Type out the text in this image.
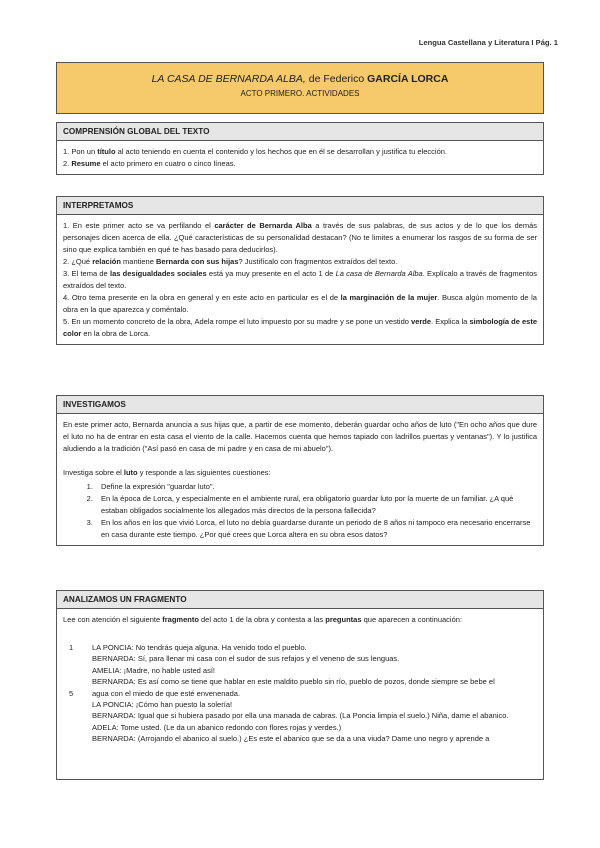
Lengua Castellana y Literatura I Pág. 1
LA CASA DE BERNARDA ALBA, de Federico GARCÍA LORCA
ACTO PRIMERO. ACTIVIDADES
COMPRENSIÓN GLOBAL DEL TEXTO

1. Pon un título al acto teniendo en cuenta el contenido y los hechos que en él se desarrollan y justifica tu elección.

2. Resume el acto primero en cuatro o cinco líneas.

INTERPRETAMOS

1. En este primer acto se va perfilando el carácter de Bernarda Alba a través de sus palabras, de sus actos y de lo que los demás personajes dicen acerca de ella. ¿Qué características de su personalidad destacan? (No te limites a enumerar los rasgos de su forma de ser sino que explica también en qué te has basado para deducirlos).

2. ¿Qué relación mantiene Bernarda con sus hijas? Justifícalo con fragmentos extraídos del texto.

3. El tema de las desigualdades sociales está ya muy presente en el acto 1 de La casa de Bernarda Alba. Explícalo a través de fragmentos extraídos del texto.

4. Otro tema presente en la obra en general y en este acto en particular es el de la marginación de la mujer. Busca algún momento de la obra en la que aparezca y coméntalo.

5. En un momento concreto de la obra, Adela rompe el luto impuesto por su madre y se pone un vestido verde. Explica la simbología de este color en la obra de Lorca.

INVESTIGAMOS

En este primer acto, Bernarda anuncia a sus hijas que, a partir de ese momento, deberán guardar ocho años de luto ("En ocho años que dure el luto no ha de entrar en esta casa el viento de la calle. Hacemos cuenta que hemos tapiado con ladrillos puertas y ventanas"). Y lo justifica aludiendo a la tradición ("Así pasó en casa de mi padre y en casa de mi abuelo").

Investiga sobre el luto y responde a las siguientes cuestiones:

1. Define la expresión "guardar luto".
2. En la época de Lorca, y especialmente en el ambiente rural, era obligatorio guardar luto por la muerte de un familiar. ¿A qué estaban obligados socialmente los allegados más directos de la persona fallecida?
3. En los años en los que vivió Lorca, el luto no debía guardarse durante un periodo de 8 años ni tampoco era necesario encerrarse en casa durante este tiempo. ¿Por qué crees que Lorca altera en su obra esos datos?
ANALIZAMOS UN FRAGMENTO

Lee con atención el siguiente fragmento del acto 1 de la obra y contesta a las preguntas que aparecen a continuación:

1	LA PONCIA: No tendrás queja alguna. Ha venido todo el pueblo.
BERNARDA: Sí, para llenar mi casa con el sudor de sus refajos y el veneno de sus lenguas.
AMELIA: ¡Madre, no hable usted así!
BERNARDA: Es así como se tiene que hablar en este maldito pueblo sin río, pueblo de pozos, donde siempre se bebe el
5	agua con el miedo de que esté envenenada.
LA PONCIA: ¡Cómo han puesto la solería!
BERNARDA: Igual que si hubiera pasado por ella una manada de cabras. (La Poncia limpia el suelo.) Niña, dame el abanico.
ADELA: Tome usted. (Le da un abanico redondo con flores rojas y verdes.)
BERNARDA: (Arrojando el abanico al suelo.) ¿Es este el abanico que se da a una viuda? Dame uno negro y aprende a
